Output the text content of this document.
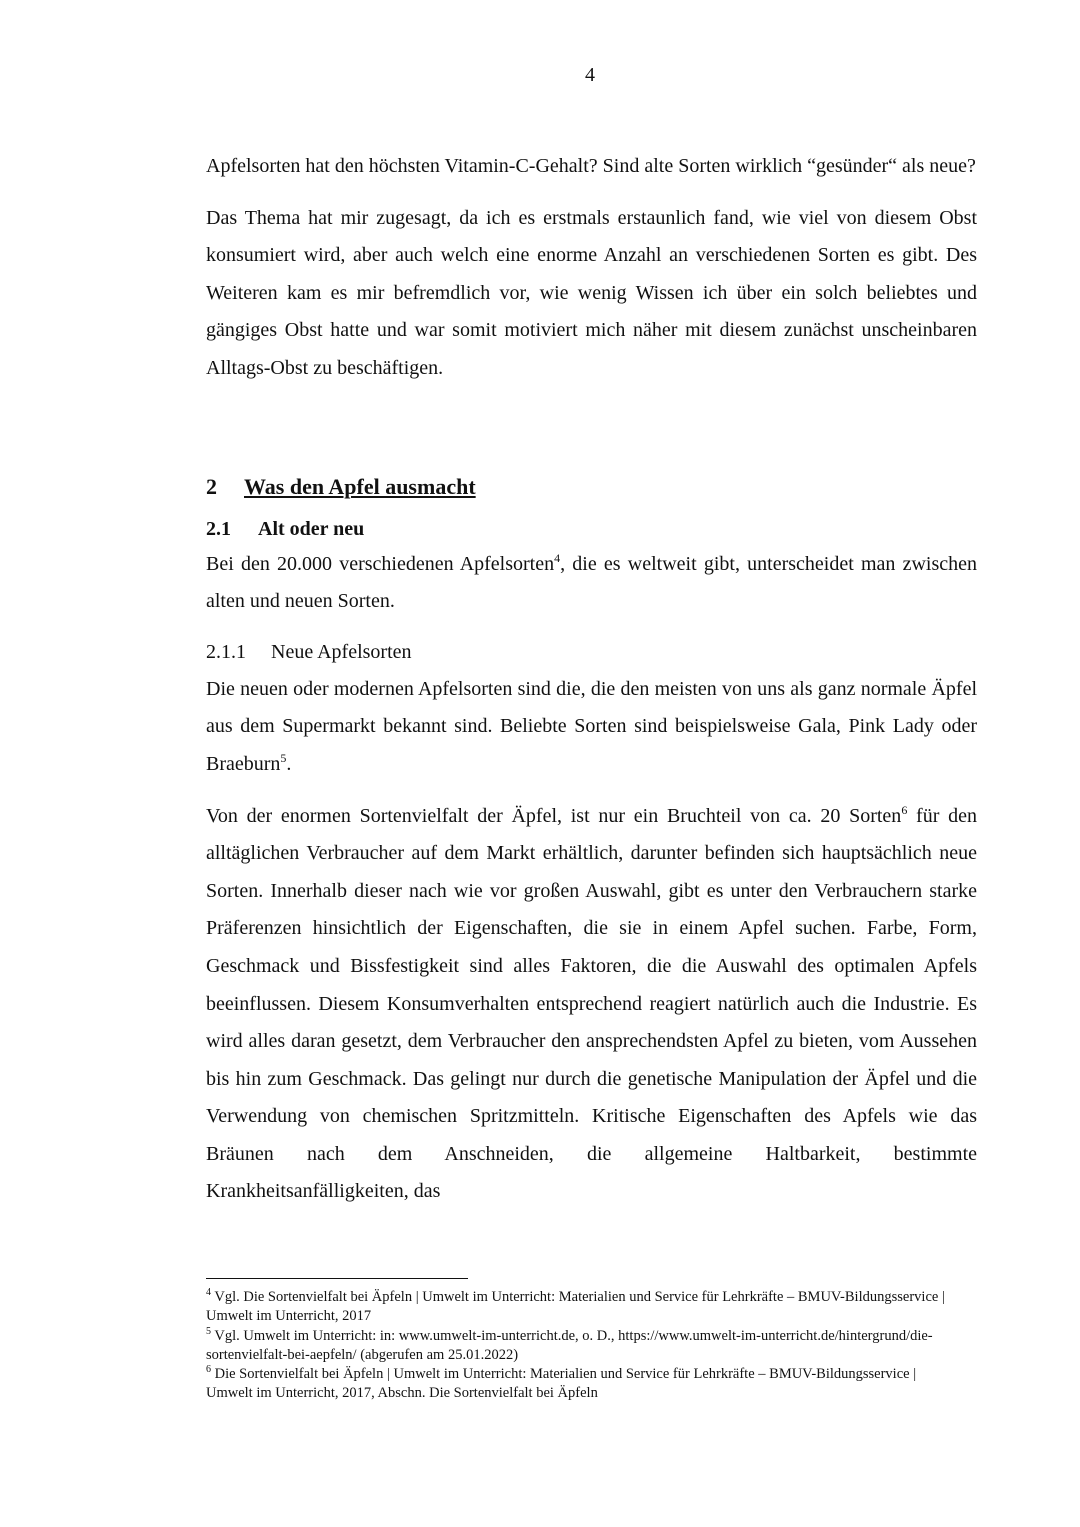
4

Apfelsorten hat den höchsten Vitamin-C-Gehalt? Sind alte Sorten wirklich “gesünder“ als neue?

Das Thema hat mir zugesagt, da ich es erstmals erstaunlich fand, wie viel von diesem Obst konsumiert wird, aber auch welch eine enorme Anzahl an verschiedenen Sorten es gibt. Des Weiteren kam es mir befremdlich vor, wie wenig Wissen ich über ein solch beliebtes und gängiges Obst hatte und war somit motiviert mich näher mit diesem zunächst unscheinbaren Alltags-Obst zu beschäftigen.

2	Was den Apfel ausmacht
2.1	Alt oder neu

Bei den 20.000 verschiedenen Apfelsorten$^4$, die es weltweit gibt, unterscheidet man zwischen alten und neuen Sorten.

2.1.1	Neue Apfelsorten

Die neuen oder modernen Apfelsorten sind die, die den meisten von uns als ganz normale Äpfel aus dem Supermarkt bekannt sind. Beliebte Sorten sind beispielsweise Gala, Pink Lady oder Braeburn$^5$.

Von der enormen Sortenvielfalt der Äpfel, ist nur ein Bruchteil von ca. 20 Sorten$^6$ für den alltäglichen Verbraucher auf dem Markt erhältlich, darunter befinden sich hauptsächlich neue Sorten. Innerhalb dieser nach wie vor großen Auswahl, gibt es unter den Verbrauchern starke Präferenzen hinsichtlich der Eigenschaften, die sie in einem Apfel suchen. Farbe, Form, Geschmack und Bissfestigkeit sind alles Faktoren, die die Auswahl des optimalen Apfels beeinflussen. Diesem Konsumverhalten entsprechend reagiert natürlich auch die Industrie. Es wird alles daran gesetzt, dem Verbraucher den ansprechendsten Apfel zu bieten, vom Aussehen bis hin zum Geschmack. Das gelingt nur durch die genetische Manipulation der Äpfel und die Verwendung von chemischen Spritzmitteln. Kritische Eigenschaften des Apfels wie das Bräunen nach dem Anschneiden, die allgemeine Haltbarkeit, bestimmte Krankheitsanfälligkeiten, das

$^4$ Vgl. Die Sortenvielfalt bei Äpfeln | Umwelt im Unterricht: Materialien und Service für Lehrkräfte – BMUV-Bildungsservice | Umwelt im Unterricht, 2017

$^5$ Vgl. Umwelt im Unterricht: in: www.umwelt-im-unterricht.de, o. D., https://www.umwelt-im-unterricht.de/hintergrund/die-sortenvielfalt-bei-aepfeln/ (abgerufen am 25.01.2022)

$^6$ Die Sortenvielfalt bei Äpfeln | Umwelt im Unterricht: Materialien und Service für Lehrkräfte – BMUV-Bildungsservice | Umwelt im Unterricht, 2017, Abschn. Die Sortenvielfalt bei Äpfeln
